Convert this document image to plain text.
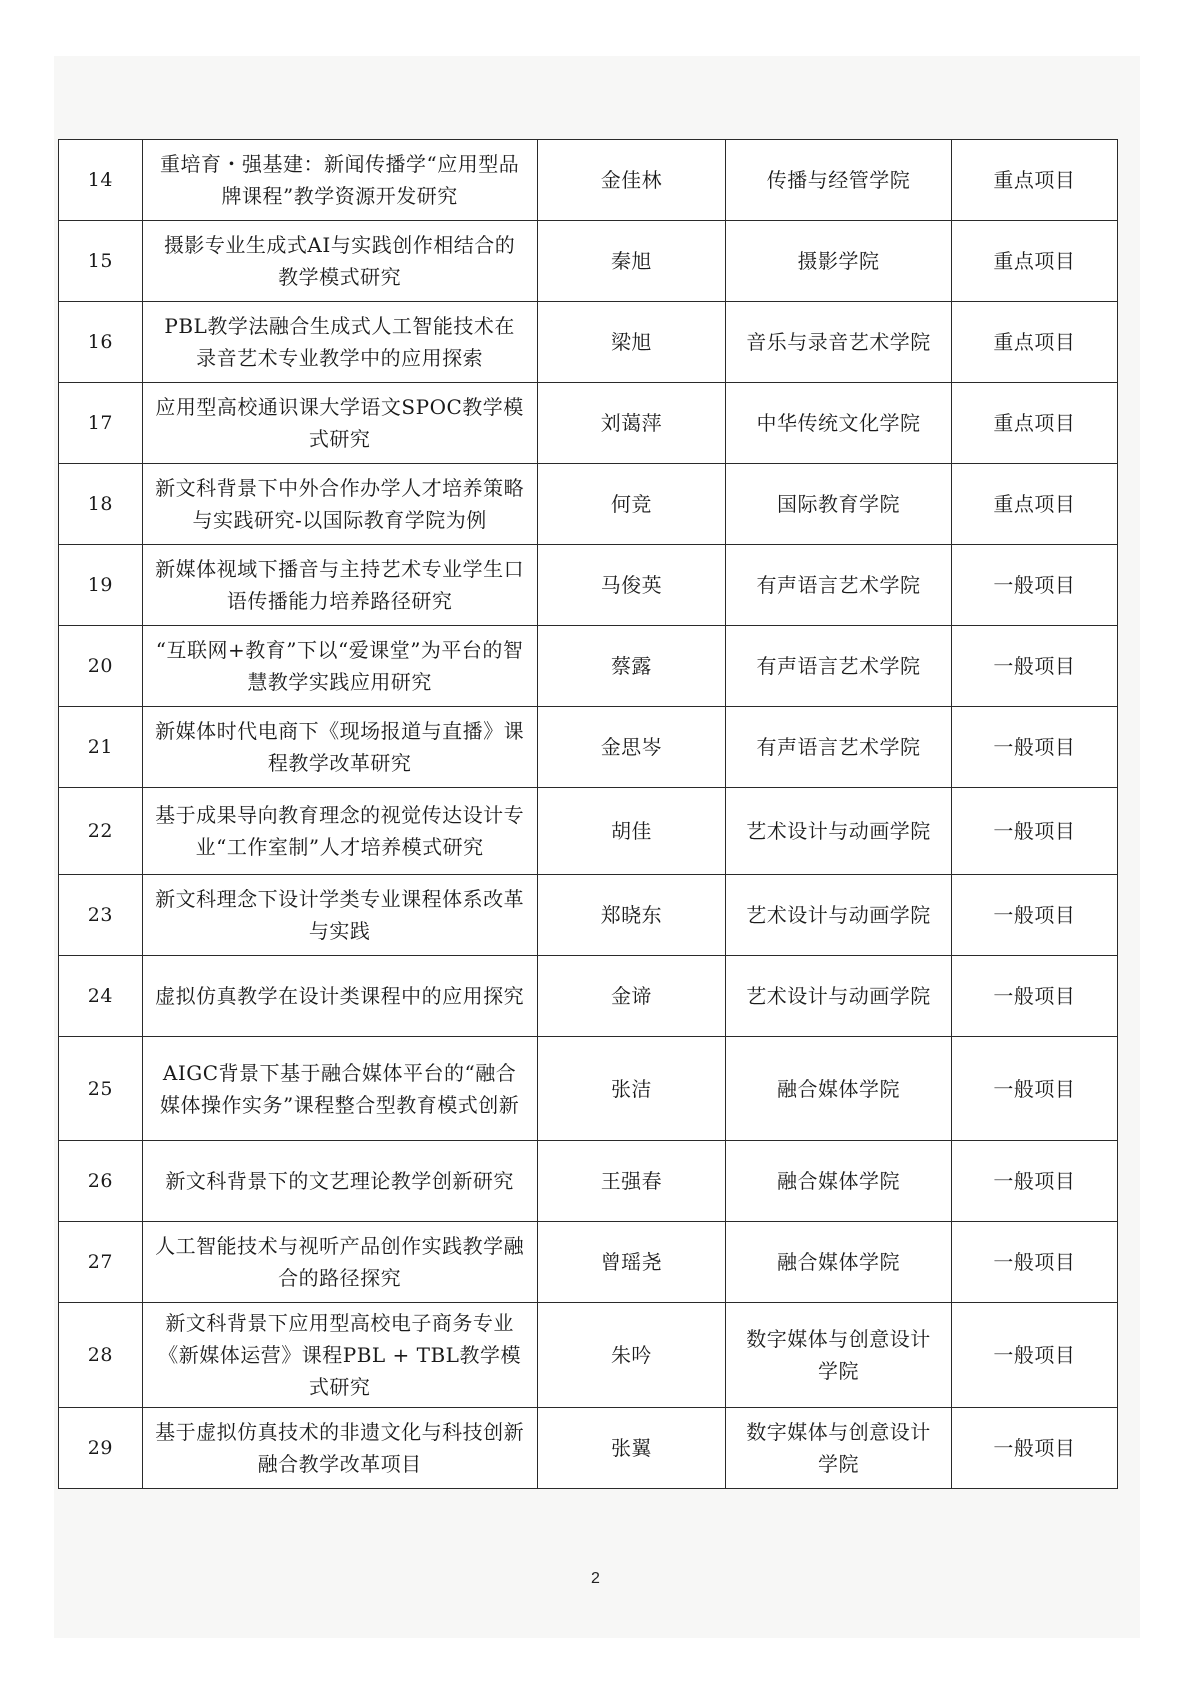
14	重培育・强基建：新闻传播学“应用型品牌课程”教学资源开发研究	金佳林	传播与经管学院	重点项目
15	摄影专业生成式AI与实践创作相结合的教学模式研究	秦旭	摄影学院	重点项目
16	PBL教学法融合生成式人工智能技术在录音艺术专业教学中的应用探索	梁旭	音乐与录音艺术学院	重点项目
17	应用型高校通识课大学语文SPOC教学模式研究	刘蔼萍	中华传统文化学院	重点项目
18	新文科背景下中外合作办学人才培养策略与实践研究-以国际教育学院为例	何竞	国际教育学院	重点项目
19	新媒体视域下播音与主持艺术专业学生口语传播能力培养路径研究	马俊英	有声语言艺术学院	一般项目
20	“互联网+教育”下以“爱课堂”为平台的智慧教学实践应用研究	蔡露	有声语言艺术学院	一般项目
21	新媒体时代电商下《现场报道与直播》课程教学改革研究	金思岑	有声语言艺术学院	一般项目
22	基于成果导向教育理念的视觉传达设计专业“工作室制”人才培养模式研究	胡佳	艺术设计与动画学院	一般项目
23	新文科理念下设计学类专业课程体系改革与实践	郑晓东	艺术设计与动画学院	一般项目
24	虚拟仿真教学在设计类课程中的应用探究	金谛	艺术设计与动画学院	一般项目
25	AIGC背景下基于融合媒体平台的“融合媒体操作实务”课程整合型教育模式创新	张洁	融合媒体学院	一般项目
26	新文科背景下的文艺理论教学创新研究	王强春	融合媒体学院	一般项目
27	人工智能技术与视听产品创作实践教学融合的路径探究	曾瑶尧	融合媒体学院	一般项目
28	新文科背景下应用型高校电子商务专业《新媒体运营》课程PBL + TBL教学模式研究	朱吟	数字媒体与创意设计学院	一般项目
29	基于虚拟仿真技术的非遗文化与科技创新融合教学改革项目	张翼	数字媒体与创意设计学院	一般项目
2
